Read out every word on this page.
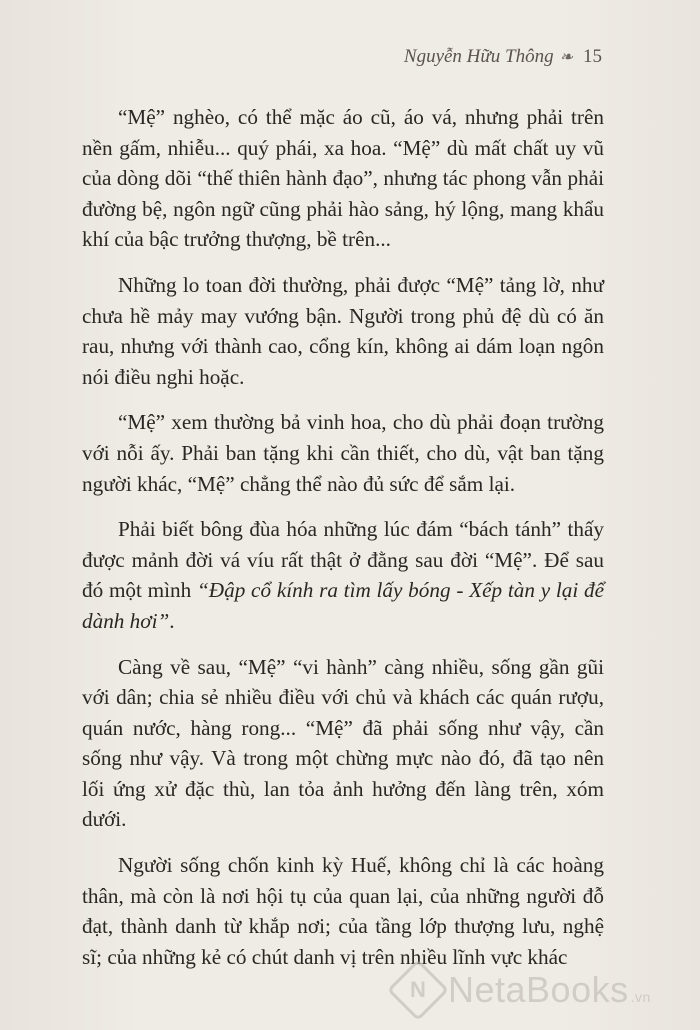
Nguyễn Hữu Thông ❧ 15

“Mệ” nghèo, có thể mặc áo cũ, áo vá, nhưng phải trên nền gấm, nhiễu... quý phái, xa hoa. “Mệ” dù mất chất uy vũ của dòng dõi “thế thiên hành đạo”, nhưng tác phong vẫn phải đường bệ, ngôn ngữ cũng phải hào sảng, hý lộng, mang khẩu khí của bậc trưởng thượng, bề trên...

Những lo toan đời thường, phải được “Mệ” tảng lờ, như chưa hề mảy may vướng bận. Người trong phủ đệ dù có ăn rau, nhưng với thành cao, cổng kín, không ai dám loạn ngôn nói điều nghi hoặc.

“Mệ” xem thường bả vinh hoa, cho dù phải đoạn trường với nỗi ấy. Phải ban tặng khi cần thiết, cho dù, vật ban tặng người khác, “Mệ” chẳng thể nào đủ sức để sắm lại.

Phải biết bông đùa hóa những lúc đám “bách tánh” thấy được mảnh đời vá víu rất thật ở đằng sau đời “Mệ”. Để sau đó một mình “Đập cổ kính ra tìm lấy bóng - Xếp tàn y lại để dành hơi”.

Càng về sau, “Mệ” “vi hành” càng nhiều, sống gần gũi với dân; chia sẻ nhiều điều với chủ và khách các quán rượu, quán nước, hàng rong... “Mệ” đã phải sống như vậy, cần sống như vậy. Và trong một chừng mực nào đó, đã tạo nên lối ứng xử đặc thù, lan tỏa ảnh hưởng đến làng trên, xóm dưới.

Người sống chốn kinh kỳ Huế, không chỉ là các hoàng thân, mà còn là nơi hội tụ của quan lại, của những người đỗ đạt, thành danh từ khắp nơi; của tầng lớp thượng lưu, nghệ sĩ; của những kẻ có chút danh vị trên nhiều lĩnh vực khác

N NetaBooks .vn
